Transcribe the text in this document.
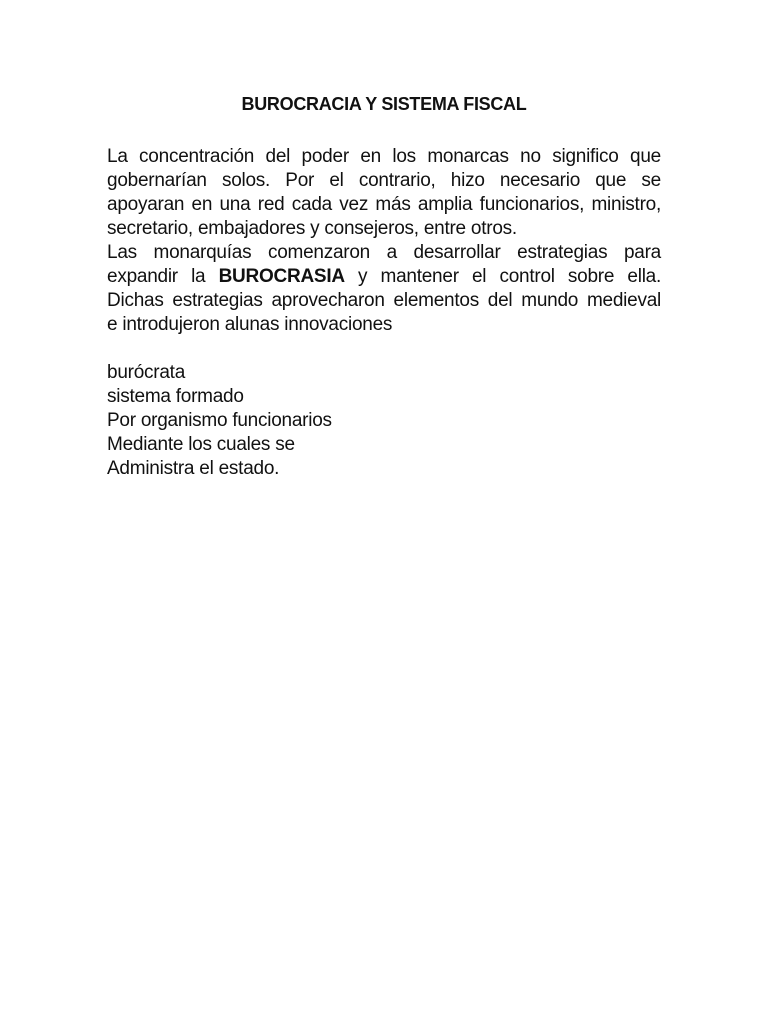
BUROCRACIA Y SISTEMA FISCAL

La concentración del poder en los monarcas no significo que
gobernarían solos. Por el contrario, hizo necesario que se
apoyaran en una red cada vez más amplia funcionarios, ministro,
secretario, embajadores y consejeros, entre otros.

Las monarquías comenzaron a desarrollar estrategias para
expandir la BUROCRASIA y mantener el control sobre ella.
Dichas estrategias aprovecharon elementos del mundo medieval
e introdujeron alunas innovaciones

burócrata
sistema formado
Por organismo funcionarios
Mediante los cuales se
Administra el estado.
